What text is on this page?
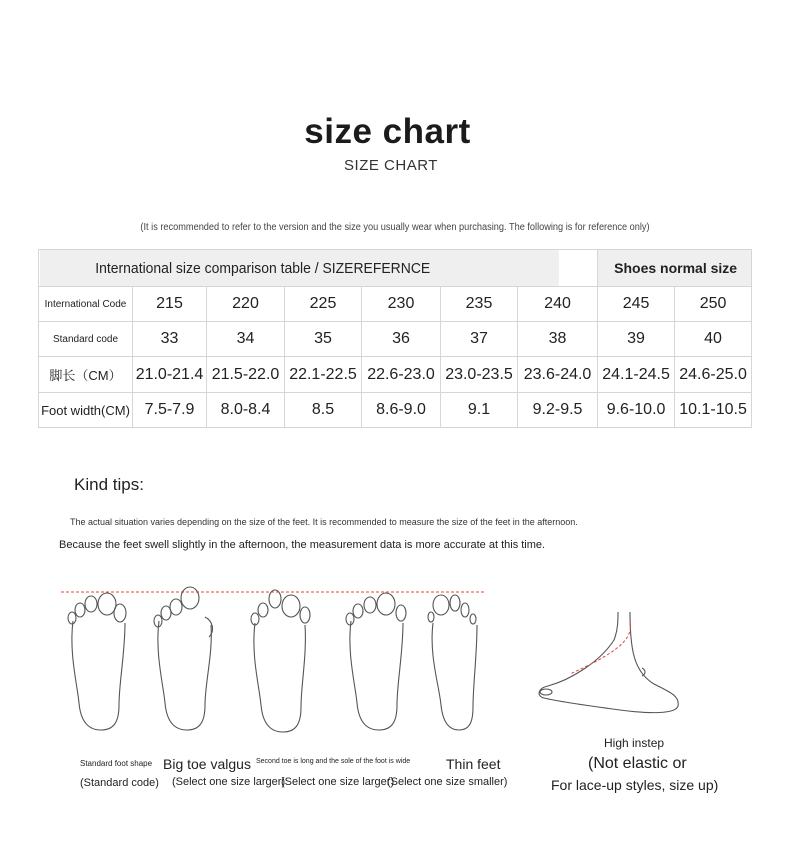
size chart
SIZE CHART
(It is recommended to refer to the version and the size you usually wear when purchasing. The following is for reference only)
International size comparison table / SIZEREFERNCE							Shoes normal size	
International Code	215	220	225	230	235	240	245	250
Standard code	33	34	35	36	37	38	39	40
脚长（CM）	21.0-21.4	21.5-22.0	22.1-22.5	22.6-23.0	23.0-23.5	23.6-24.0	24.1-24.5	24.6-25.0
Foot width(CM)	7.5-7.9	8.0-8.4	8.5	8.6-9.0	9.1	9.2-9.5	9.6-10.0	10.1-10.5
Kind tips:
The actual situation varies depending on the size of the feet. It is recommended to measure the size of the feet in the afternoon.
Because the feet swell slightly in the afternoon, the measurement data is more accurate at this time.
Standard foot shape
(Standard code)
Big toe valgus
(Select one size larger)
Second toe is long and the sole of the foot is wide
(Select one size larger)
Thin feet
(Select one size smaller)
High instep
(Not elastic or
For lace-up styles, size up)
